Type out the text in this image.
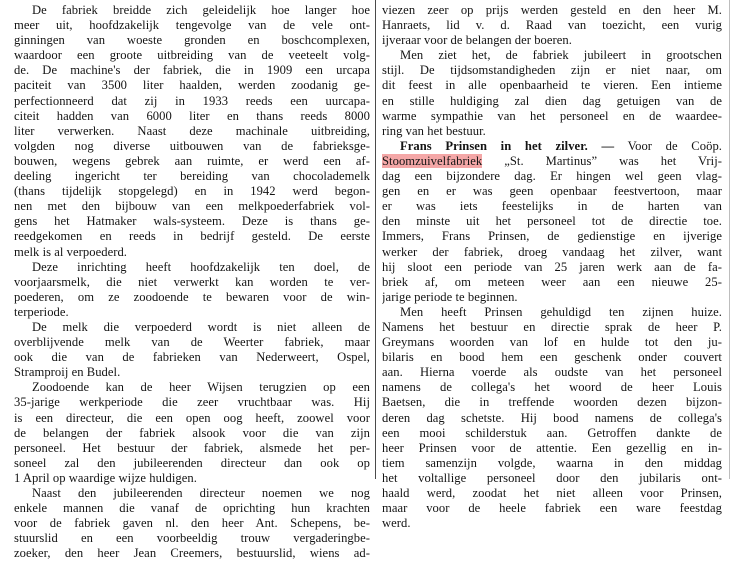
De fabriek breidde zich geleidelijk hoe langer hoe
meer uit, hoofdzakelijk tengevolge van de vele ont-
ginningen van woeste gronden en boschcomplexen,
waardoor een groote uitbreiding van de veeteelt volg-
de. De machine's der fabriek, die in 1909 een urcapa
paciteit van 3500 liter haalden, werden zoodanig ge-
perfectionneerd dat zij in 1933 reeds een uurcapa-
citeit hadden van 6000 liter en thans reeds 8000
liter verwerken. Naast deze machinale uitbreiding,
volgden nog diverse uitbouwen van de fabrieksge-
bouwen, wegens gebrek aan ruimte, er werd een af-
deeling ingericht ter bereiding van chocolademelk
(thans tijdelijk stopgelegd) en in 1942 werd begon-
nen met den bijbouw van een melkpoederfabriek vol-
gens het Hatmaker wals-systeem. Deze is thans ge-
reedgekomen en reeds in bedrijf gesteld. De eerste
melk is al verpoederd.
Deze inrichting heeft hoofdzakelijk ten doel, de
voorjaarsmelk, die niet verwerkt kan worden te ver-
poederen, om ze zoodoende te bewaren voor de win-
terperiode.
De melk die verpoederd wordt is niet alleen de
overblijvende melk van de Weerter fabriek, maar
ook die van de fabrieken van Nederweert, Ospel,
Stramproij en Budel.
Zoodoende kan de heer Wijsen terugzien op een
35-jarige werkperiode die zeer vruchtbaar was. Hij
is een directeur, die een open oog heeft, zoowel voor
de belangen der fabriek alsook voor die van zijn
personeel. Het bestuur der fabriek, alsmede het per-
soneel zal den jubileerenden directeur dan ook op
1 April op waardige wijze huldigen.
Naast den jubileerenden directeur noemen we nog
enkele mannen die vanaf de oprichting hun krachten
voor de fabriek gaven nl. den heer Ant. Schepens, be-
stuurslid en een voorbeeldig trouw vergaderingbe-
zoeker, den heer Jean Creemers, bestuurslid, wiens ad-
viezen zeer op prijs werden gesteld en den heer M.
Hanraets, lid v. d. Raad van toezicht, een vurig
ijveraar voor de belangen der boeren.
Men ziet het, de fabriek jubileert in grootschen
stijl. De tijdsomstandigheden zijn er niet naar, om
dit feest in alle openbaarheid te vieren. Een intieme
en stille huldiging zal dien dag getuigen van de
warme sympathie van het personeel en de waardee-
ring van het bestuur.
Frans Prinsen in het zilver. — Voor de Coöp.
Stoomzuivelfabriek „St. Martinus” was het Vrij-
dag een bijzondere dag. Er hingen wel geen vlag-
gen en er was geen openbaar feestvertoon, maar
er was iets feestelijks in de harten van
den minste uit het personeel tot de directie toe.
Immers, Frans Prinsen, de gedienstige en ijverige
werker der fabriek, droeg vandaag het zilver, want
hij sloot een periode van 25 jaren werk aan de fa-
briek af, om meteen weer aan een nieuwe 25-
jarige periode te beginnen.
Men heeft Prinsen gehuldigd ten zijnen huize.
Namens het bestuur en directie sprak de heer P.
Greymans woorden van lof en hulde tot den ju-
bilaris en bood hem een geschenk onder couvert
aan. Hierna voerde als oudste van het personeel
namens de collega's het woord de heer Louis
Baetsen, die in treffende woorden dezen bijzon-
deren dag schetste. Hij bood namens de collega's
een mooi schilderstuk aan. Getroffen dankte de
heer Prinsen voor de attentie. Een gezellig en in-
tiem samenzijn volgde, waarna in den middag
het voltallige personeel door den jubilaris ont-
haald werd, zoodat het niet alleen voor Prinsen,
maar voor de heele fabriek een ware feestdag
werd.
